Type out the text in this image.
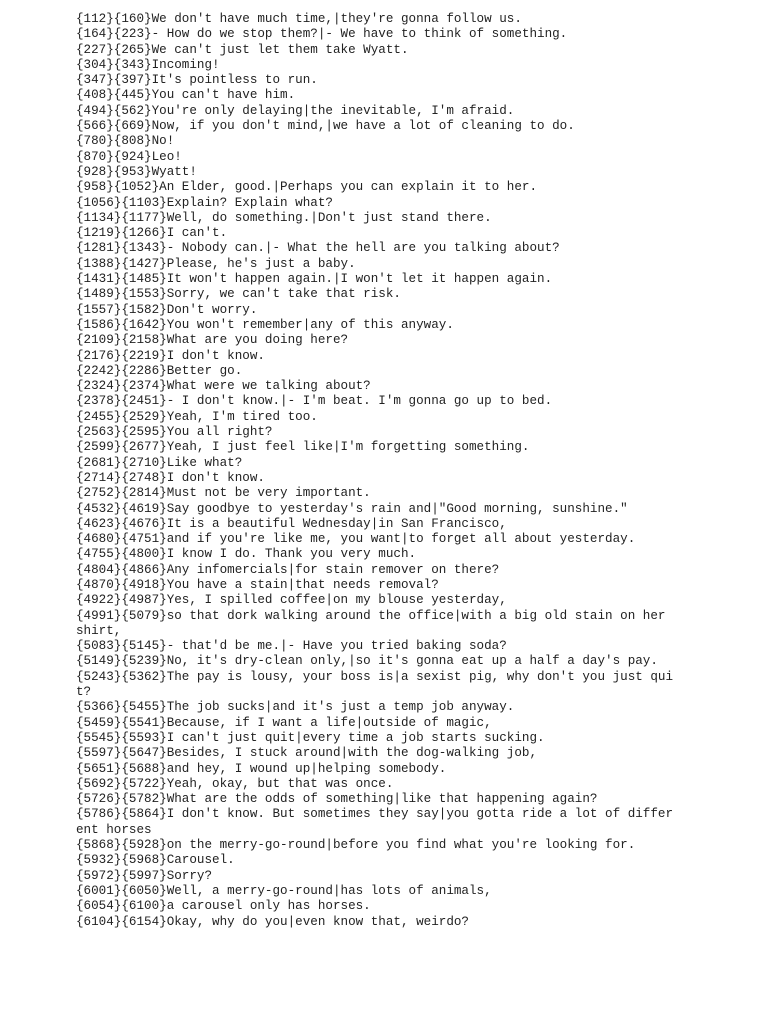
{112}{160}We don't have much time,|they're gonna follow us.

{164}{223}- How do we stop them?|- We have to think of something.

{227}{265}We can't just let them take Wyatt.

{304}{343}Incoming!

{347}{397}It's pointless to run.

{408}{445}You can't have him.

{494}{562}You're only delaying|the inevitable, I'm afraid.

{566}{669}Now, if you don't mind,|we have a lot of cleaning to do.

{780}{808}No!

{870}{924}Leo!

{928}{953}Wyatt!

{958}{1052}An Elder, good.|Perhaps you can explain it to her.

{1056}{1103}Explain? Explain what?

{1134}{1177}Well, do something.|Don't just stand there.

{1219}{1266}I can't.

{1281}{1343}- Nobody can.|- What the hell are you talking about?

{1388}{1427}Please, he's just a baby.

{1431}{1485}It won't happen again.|I won't let it happen again.

{1489}{1553}Sorry, we can't take that risk.

{1557}{1582}Don't worry.

{1586}{1642}You won't remember|any of this anyway.

{2109}{2158}What are you doing here?

{2176}{2219}I don't know.

{2242}{2286}Better go.

{2324}{2374}What were we talking about?

{2378}{2451}- I don't know.|- I'm beat. I'm gonna go up to bed.

{2455}{2529}Yeah, I'm tired too.

{2563}{2595}You all right?

{2599}{2677}Yeah, I just feel like|I'm forgetting something.

{2681}{2710}Like what?

{2714}{2748}I don't know.

{2752}{2814}Must not be very important.

{4532}{4619}Say goodbye to yesterday's rain and|"Good morning, sunshine."

{4623}{4676}It is a beautiful Wednesday|in San Francisco,

{4680}{4751}and if you're like me, you want|to forget all about yesterday.

{4755}{4800}I know I do. Thank you very much.

{4804}{4866}Any infomercials|for stain remover on there?

{4870}{4918}You have a stain|that needs removal?

{4922}{4987}Yes, I spilled coffee|on my blouse yesterday,

{4991}{5079}so that dork walking around the office|with a big old stain on her shirt,

{5083}{5145}- that'd be me.|- Have you tried baking soda?

{5149}{5239}No, it's dry-clean only,|so it's gonna eat up a half a day's pay.

{5243}{5362}The pay is lousy, your boss is|a sexist pig, why don't you just quit?

{5366}{5455}The job sucks|and it's just a temp job anyway.

{5459}{5541}Because, if I want a life|outside of magic,

{5545}{5593}I can't just quit|every time a job starts sucking.

{5597}{5647}Besides, I stuck around|with the dog-walking job,

{5651}{5688}and hey, I wound up|helping somebody.

{5692}{5722}Yeah, okay, but that was once.

{5726}{5782}What are the odds of something|like that happening again?

{5786}{5864}I don't know. But sometimes they say|you gotta ride a lot of different horses

{5868}{5928}on the merry-go-round|before you find what you're looking for.

{5932}{5968}Carousel.

{5972}{5997}Sorry?

{6001}{6050}Well, a merry-go-round|has lots of animals,

{6054}{6100}a carousel only has horses.

{6104}{6154}Okay, why do you|even know that, weirdo?
